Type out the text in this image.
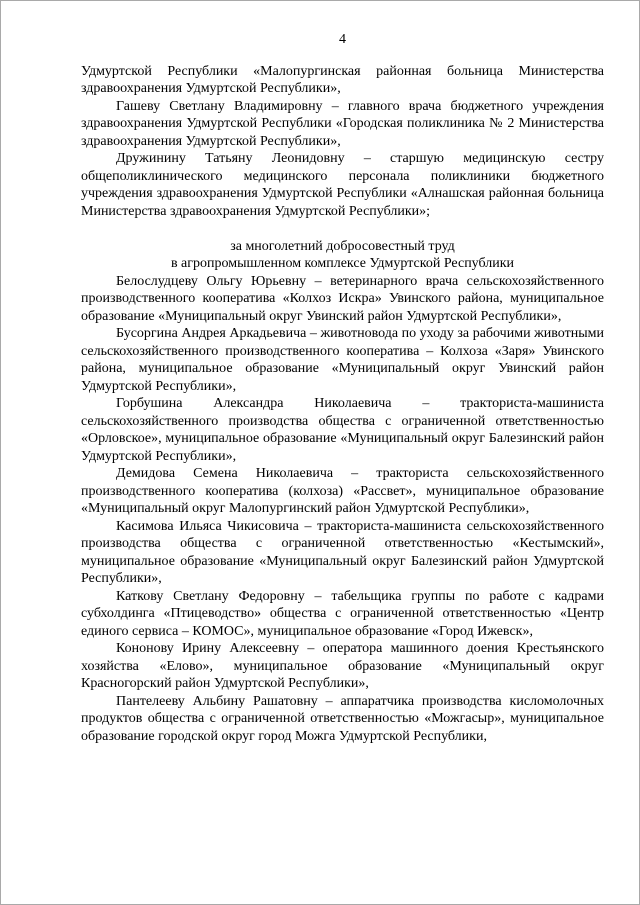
4

Удмуртской Республики «Малопургинская районная больница Министерства здравоохранения Удмуртской Республики»,

Гашеву Светлану Владимировну – главного врача бюджетного учреждения здравоохранения Удмуртской Республики «Городская поликлиника № 2 Министерства здравоохранения Удмуртской Республики»,

Дружинину Татьяну Леонидовну – старшую медицинскую сестру общеполиклинического медицинского персонала поликлиники бюджетного учреждения здравоохранения Удмуртской Республики «Алнашская районная больница Министерства здравоохранения Удмуртской Республики»;

за многолетний добросовестный труд
в агропромышленном комплексе Удмуртской Республики

Белослудцеву Ольгу Юрьевну – ветеринарного врача сельскохозяйственного производственного кооператива «Колхоз Искра» Увинского района, муниципальное образование «Муниципальный округ Увинский район Удмуртской Республики»,

Бусоргина Андрея Аркадьевича – животновода по уходу за рабочими животными сельскохозяйственного производственного кооператива – Колхоза «Заря» Увинского района, муниципальное образование «Муниципальный округ Увинский район Удмуртской Республики»,

Горбушина Александра Николаевича – тракториста-машиниста сельскохозяйственного производства общества с ограниченной ответственностью «Орловское», муниципальное образование «Муниципальный округ Балезинский район Удмуртской Республики»,

Демидова Семена Николаевича – тракториста сельскохозяйственного производственного кооператива (колхоза) «Рассвет», муниципальное образование «Муниципальный округ Малопургинский район Удмуртской Республики»,

Касимова Ильяса Чикисовича – тракториста-машиниста сельскохозяйственного производства общества с ограниченной ответственностью «Кестымский», муниципальное образование «Муниципальный округ Балезинский район Удмуртской Республики»,

Каткову Светлану Федоровну – табельщика группы по работе с кадрами субхолдинга «Птицеводство» общества с ограниченной ответственностью «Центр единого сервиса – КОМОС», муниципальное образование «Город Ижевск»,

Кононову Ирину Алексеевну – оператора машинного доения Крестьянского хозяйства «Елово», муниципальное образование «Муниципальный округ Красногорский район Удмуртской Республики»,

Пантелееву Альбину Рашатовну – аппаратчика производства кисломолочных продуктов общества с ограниченной ответственностью «Можгасыр», муниципальное образование городской округ город Можга Удмуртской Республики,
